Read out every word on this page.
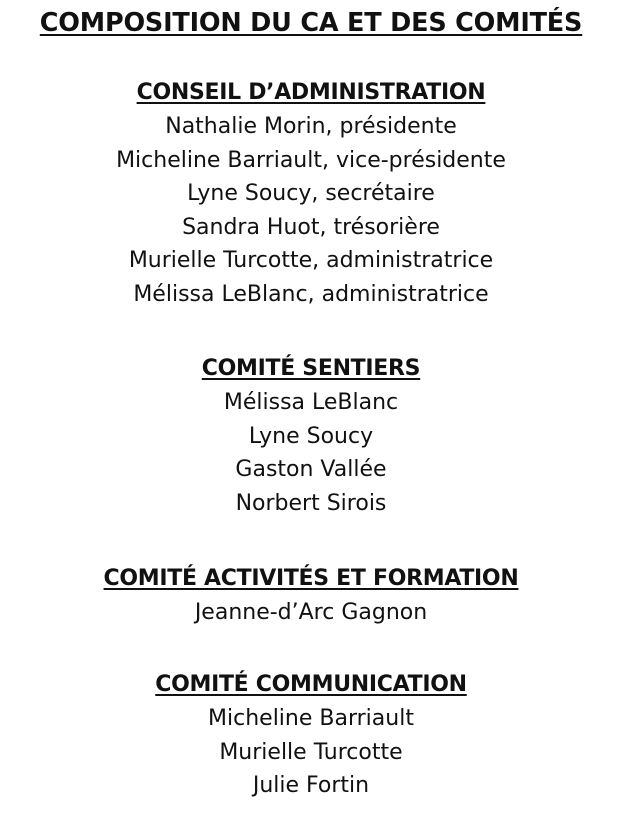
COMPOSITION DU CA ET DES COMITÉS
CONSEIL D’ADMINISTRATION
Nathalie Morin, présidente
Micheline Barriault, vice-présidente
Lyne Soucy, secrétaire
Sandra Huot, trésorière
Murielle Turcotte, administratrice
Mélissa LeBlanc, administratrice
COMITÉ SENTIERS
Mélissa LeBlanc
Lyne Soucy
Gaston Vallée
Norbert Sirois
COMITÉ ACTIVITÉS ET FORMATION
Jeanne-d’Arc Gagnon
COMITÉ COMMUNICATION
Micheline Barriault
Murielle Turcotte
Julie Fortin
